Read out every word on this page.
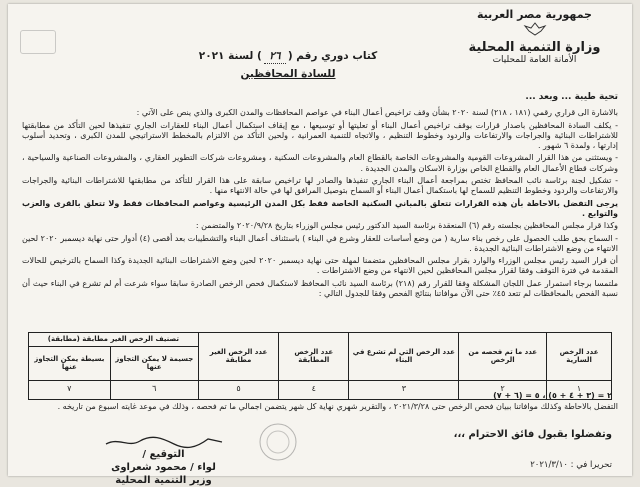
جمهورية مصر العربية
وزارة التنمية المحلية
الأمانة العامة للمحليات
كتاب دوري رقم (٢٦) لسنة ٢٠٢١
للسادة المحافظين

تحية طيبة ... وبعد ...

بالاشارة الى قراري رقمي (١٨١ ، ٢١٨) لسنة ٢٠٢٠ بشأن وقف تراخيص أعمال البناء في عواصم المحافظات والمدن الكبرى والذي ينص على الآتي :

- يكلف السادة المحافظين باصدار قرارات بوقف تراخيص أعمال البناء أو تعليتها أو توسيعها ، مع إيقاف استكمال أعمال البناء للعقارات الجاري تنفيذها لحين التأكد من مطابقتها للاشتراطات البنائية والجراجات والارتفاعات والردود وخطوط التنظيم ، والاتجاه للتنمية العمرانية ، ولحين التأكد من الالتزام بالمخطط الاستراتيجي للمدن الكبرى ، وتحديد أسلوب إدارتها ، ولمدة ٦ شهور .

- ويستثنى من هذا القرار المشروعات القومية والمشروعات الخاصة بالقطاع العام والمشروعات السكنية ، ومشروعات شركات التطوير العقاري ، والمشروعات الصناعية والسياحية ، وشركات قطاع الأعمال العام والقطاع الخاص بوزارة الاسكان والمدن الجديدة .

- تشكيل لجنة برئاسة نائب المحافظ تختص بمراجعة أعمال البناء الجاري تنفيذها والصادر لها تراخيص سابقة على هذا القرار للتأكد من مطابقتها للاشتراطات البنائية والجراجات والارتفاعات والردود وخطوط التنظيم للسماح لها باستكمال أعمال البناء أو السماح بتوصيل المرافق لها في حالة الانتهاء منها .

يرجى التفضل بالاحاطة بأن هذه القرارات تتعلق بالمباني السكنية الخاصة فقط بكل المدن الرئيسية وعواصم المحافظات فقط ولا تتعلق بالقرى والعزب والتوابع .

وكذا قرار مجلس المحافظين بجلسته رقم (٦) المنعقدة برئاسة السيد الدكتور رئيس مجلس الوزراء بتاريخ ٢٠٢٠/٩/٢٨ والمتضمن :

- السماح بحق طلب الحصول على رخص بناء سارية ( من وضع أساسات للعقار وشرع في البناء ) باستئناف أعمال البناء والتشطيبات بعد أقصى (٤) أدوار حتى نهاية ديسمبر ٢٠٢٠ لحين الانتهاء من وضع الاشتراطات البنائية الجديدة .

أن قرار السيد رئيس مجلس الوزراء والوارد بقرار مجلس المحافظين متضمنا لمهلة حتى نهاية ديسمبر ٢٠٢٠ لحين وضع الاشتراطات البنائية الجديدة وكذا السماح بالترخيص للحالات المقدمة في فترة التوقف وفقا لقرار مجلس المحافظين لحين الانتهاء من وضع الاشتراطات .

ملتمسا برجاء استمرار عمل اللجان المشكلة وفقا للقرار رقم (٢١٨) برئاسة السيد نائب المحافظ لاستكمال فحص الرخص الصادرة سابقا سواء شرعت أم لم تشرع في البناء حيث أن نسبة الفحص بالمحافظات لم تتعد ٤٥٪ حتى الآن موافاتنا بنتائج الفحص وفقا للجدول التالي :

عدد الرخص السارية	عدد ما تم فحصه من الرخص	عدد الرخص التي لم تشرع في البناء	عدد الرخص المطابقة	عدد الرخص الغير مطابقة	تصنيف الرخص الغير مطابقة (مطابقة)	
					جسيمة لا يمكن التجاوز عنها	بسيطة يمكن التجاوز عنها
١	٢	٣	٤	٥	٦	٧
٢ = (٣ + ٤ + ٥) ، ٥ = (٦ + ٧)
التفضل بالاحاطة وكذلك موافاتنا ببيان فحص الرخص حتى ٢٠٢١/٣/٢٨ ، والتقرير شهري نهاية كل شهر يتضمن اجمالي ما تم فحصه ، وذلك في موعد غايته اسبوع من تاريخه .
وتفضلوا بقبول فائق الاحترام ،،،
تحريرا في : ٢٠٢١/٣/١٠
التوقيع /
لواء / محمود شعراوى
وزير التنمية المحلية
